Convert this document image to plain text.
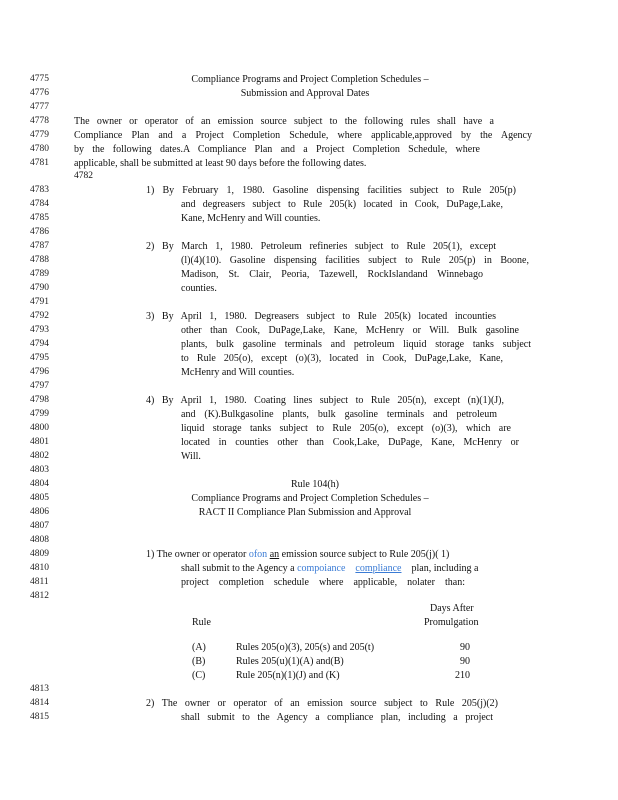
4775
4776
4777
4778
4779
4780
4781
4782
4783
4784
4785
4786
4787
4788
4789
4790
4791
4792
4793
4794
4795
4796
4797
4798
4799
4800
4801
4802
4803
4804
4805
4806
4807
4808
4809
4810
4811
4812
4813
4814
4815
Compliance Programs and Project Completion Schedules –
Submission and Approval Dates
The owner or operator of an emission source subject to the following rules shall have a
Compliance Plan and a Project Completion Schedule, where applicable,approved by the Agency
by the following dates.A Compliance Plan and a Project Completion Schedule, where
applicable, shall be submitted at least 90 days before the following dates.
1) By February 1, 1980. Gasoline dispensing facilities subject to Rule 205(p)
and degreasers subject to Rule 205(k) located in Cook, DuPage,Lake,
Kane, McHenry and Will counties.
2) By March 1, 1980. Petroleum refineries subject to Rule 205(1), except
(l)(4)(10). Gasoline dispensing facilities subject to Rule 205(p) in Boone,
Madison, St. Clair, Peoria, Tazewell, RockIslandand Winnebago
counties.
3) By April 1, 1980. Degreasers subject to Rule 205(k) located incounties
other than Cook, DuPage,Lake, Kane, McHenry or Will. Bulk gasoline
plants, bulk gasoline terminals and petroleum liquid storage tanks subject
to Rule 205(o), except (o)(3), located in Cook, DuPage,Lake, Kane,
McHenry and Will counties.
4) By April 1, 1980. Coating lines subject to Rule 205(n), except (n)(1)(J),
and (K).Bulkgasoline plants, bulk gasoline terminals and petroleum
liquid storage tanks subject to Rule 205(o), except (o)(3), which are
located in counties other than Cook,Lake, DuPage, Kane, McHenry or
Will.
Rule 104(h)
Compliance Programs and Project Completion Schedules –
RACT II Compliance Plan Submission and Approval
1) The owner or operator ofon an emission source subject to Rule 205(j)( 1)
shall submit to the Agency a compoiance compliance plan, including a
project completion schedule where applicable, nolater than:
Days After
Rule	Promulgation
(A)	Rules 205(o)(3), 205(s) and 205(t)	90
(B)	Rules 205(u)(1)(A) and(B)	90
(C)	Rule 205(n)(1)(J) and (K)	210
2) The owner or operator of an emission source subject to Rule 205(j)(2)
shall submit to the Agency a compliance plan, including a project
